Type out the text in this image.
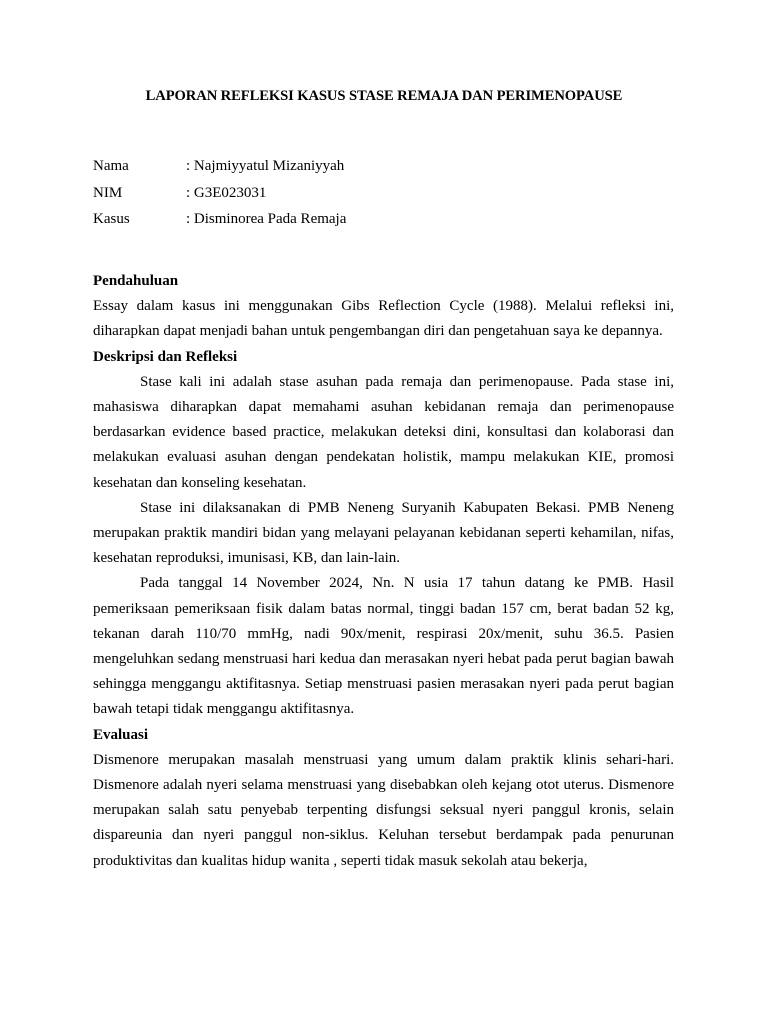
LAPORAN REFLEKSI KASUS STASE REMAJA DAN PERIMENOPAUSE
Nama	: Najmiyyatul Mizaniyyah
NIM	: G3E023031
Kasus	: Disminorea Pada Remaja

Pendahuluan

Essay dalam kasus ini menggunakan Gibs Reflection Cycle (1988). Melalui refleksi ini, diharapkan dapat menjadi bahan untuk pengembangan diri dan pengetahuan saya ke depannya.

Deskripsi dan Refleksi

Stase kali ini adalah stase asuhan pada remaja dan perimenopause. Pada stase ini, mahasiswa diharapkan dapat memahami asuhan kebidanan remaja dan perimenopause berdasarkan evidence based practice, melakukan deteksi dini, konsultasi dan kolaborasi dan melakukan evaluasi asuhan dengan pendekatan holistik, mampu melakukan KIE, promosi kesehatan dan konseling kesehatan.

Stase ini dilaksanakan di PMB Neneng Suryanih Kabupaten Bekasi. PMB Neneng merupakan praktik mandiri bidan yang melayani pelayanan kebidanan seperti kehamilan, nifas, kesehatan reproduksi, imunisasi, KB, dan lain-lain.

Pada tanggal 14 November 2024, Nn. N usia 17 tahun datang ke PMB. Hasil pemeriksaan pemeriksaan fisik dalam batas normal, tinggi badan 157 cm, berat badan 52 kg, tekanan darah 110/70 mmHg, nadi 90x/menit, respirasi 20x/menit, suhu 36.5. Pasien mengeluhkan sedang menstruasi hari kedua dan merasakan nyeri hebat pada perut bagian bawah sehingga menggangu aktifitasnya. Setiap menstruasi pasien merasakan nyeri pada perut bagian bawah tetapi tidak menggangu aktifitasnya.

Evaluasi

Dismenore merupakan masalah menstruasi yang umum dalam praktik klinis sehari-hari. Dismenore adalah nyeri selama menstruasi yang disebabkan oleh kejang otot uterus. Dismenore merupakan salah satu penyebab terpenting disfungsi seksual nyeri panggul kronis, selain dispareunia dan nyeri panggul non-siklus. Keluhan tersebut berdampak pada penurunan produktivitas dan kualitas hidup wanita , seperti tidak masuk sekolah atau bekerja,
